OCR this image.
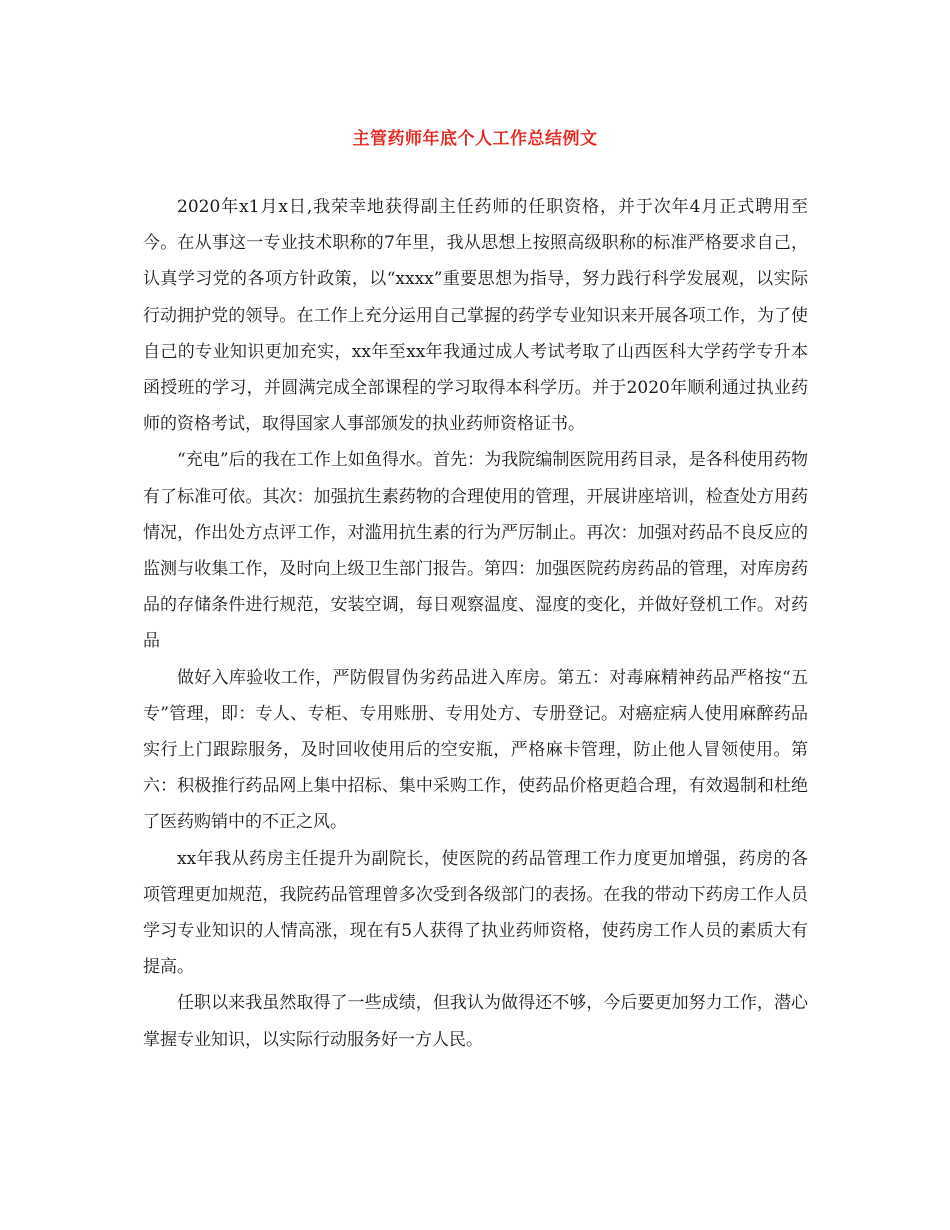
主管药师年底个人工作总结例文

2020年x1月x日,我荣幸地获得副主任药师的任职资格，并于次年4月正式聘用至今。在从事这一专业技术职称的7年里，我从思想上按照高级职称的标准严格要求自己，认真学习党的各项方针政策，以“xxxx”重要思想为指导，努力践行科学发展观，以实际行动拥护党的领导。在工作上充分运用自己掌握的药学专业知识来开展各项工作，为了使自己的专业知识更加充实，xx年至xx年我通过成人考试考取了山西医科大学药学专升本函授班的学习，并圆满完成全部课程的学习取得本科学历。并于2020年顺利通过执业药师的资格考试，取得国家人事部颁发的执业药师资格证书。

“充电”后的我在工作上如鱼得水。首先：为我院编制医院用药目录，是各科使用药物有了标准可依。其次：加强抗生素药物的合理使用的管理，开展讲座培训，检查处方用药情况，作出处方点评工作，对滥用抗生素的行为严厉制止。再次：加强对药品不良反应的监测与收集工作，及时向上级卫生部门报告。第四：加强医院药房药品的管理，对库房药品的存储条件进行规范，安装空调，每日观察温度、湿度的变化，并做好登机工作。对药品

做好入库验收工作，严防假冒伪劣药品进入库房。第五：对毒麻精神药品严格按“五专”管理，即：专人、专柜、专用账册、专用处方、专册登记。对癌症病人使用麻醉药品实行上门跟踪服务，及时回收使用后的空安瓶，严格麻卡管理，防止他人冒领使用。第六：积极推行药品网上集中招标、集中采购工作，使药品价格更趋合理，有效遏制和杜绝了医药购销中的不正之风。

xx年我从药房主任提升为副院长，使医院的药品管理工作力度更加增强，药房的各项管理更加规范，我院药品管理曾多次受到各级部门的表扬。在我的带动下药房工作人员学习专业知识的人情高涨，现在有5人获得了执业药师资格，使药房工作人员的素质大有提高。

任职以来我虽然取得了一些成绩，但我认为做得还不够，今后要更加努力工作，潜心掌握专业知识，以实际行动服务好一方人民。
